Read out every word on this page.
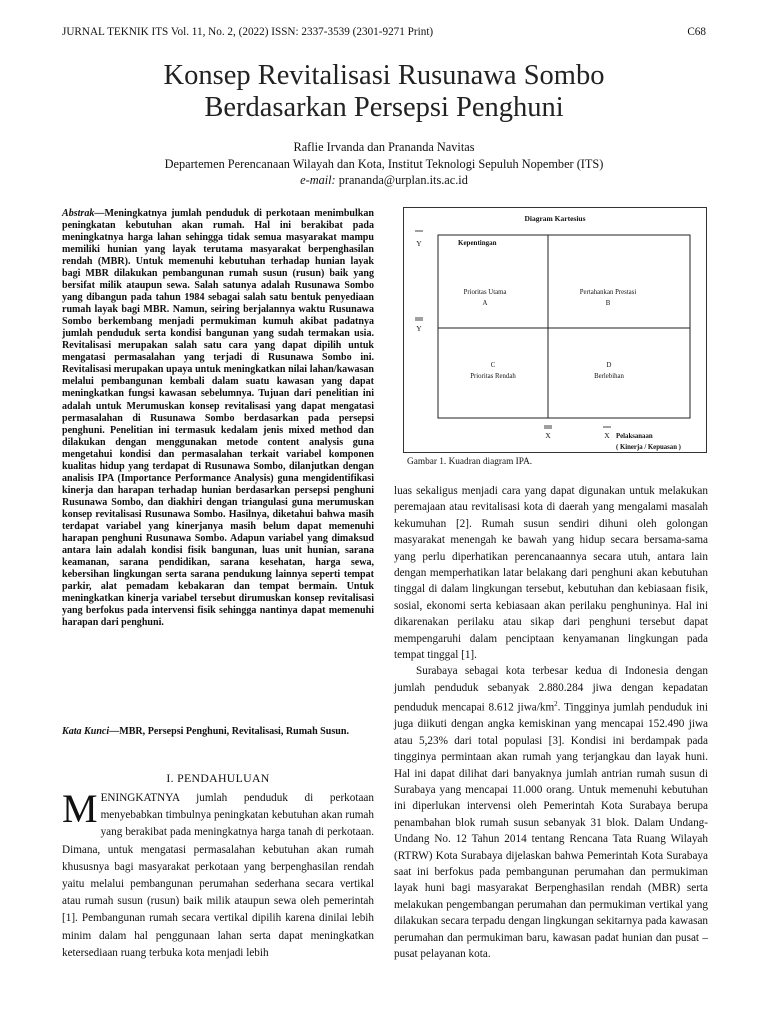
JURNAL TEKNIK ITS Vol. 11, No. 2, (2022) ISSN: 2337-3539 (2301-9271 Print)	C68
Konsep Revitalisasi Rusunawa Sombo
Berdasarkan Persepsi Penghuni
Raflie Irvanda dan Prananda Navitas
Departemen Perencanaan Wilayah dan Kota, Institut Teknologi Sepuluh Nopember (ITS)
e-mail: prananda@urplan.its.ac.id
Abstrak—Meningkatnya jumlah penduduk di perkotaan menimbulkan peningkatan kebutuhan akan rumah. Hal ini berakibat pada meningkatnya harga lahan sehingga tidak semua masyarakat mampu memiliki hunian yang layak terutama masyarakat berpenghasilan rendah (MBR). Untuk memenuhi kebutuhan terhadap hunian layak bagi MBR dilakukan pembangunan rumah susun (rusun) baik yang bersifat milik ataupun sewa. Salah satunya adalah Rusunawa Sombo yang dibangun pada tahun 1984 sebagai salah satu bentuk penyediaan rumah layak bagi MBR. Namun, seiring berjalannya waktu Rusunawa Sombo berkembang menjadi permukiman kumuh akibat padatnya jumlah penduduk serta kondisi bangunan yang sudah termakan usia. Revitalisasi merupakan salah satu cara yang dapat dipilih untuk mengatasi permasalahan yang terjadi di Rusunawa Sombo ini. Revitalisasi merupakan upaya untuk meningkatkan nilai lahan/kawasan melalui pembangunan kembali dalam suatu kawasan yang dapat meningkatkan fungsi kawasan sebelumnya. Tujuan dari penelitian ini adalah untuk Merumuskan konsep revitalisasi yang dapat mengatasi permasalahan di Rusunawa Sombo berdasarkan pada persepsi penghuni. Penelitian ini termasuk kedalam jenis mixed method dan dilakukan dengan menggunakan metode content analysis guna mengetahui kondisi dan permasalahan terkait variabel komponen kualitas hidup yang terdapat di Rusunawa Sombo, dilanjutkan dengan analisis IPA (Importance Performance Analysis) guna mengidentifikasi kinerja dan harapan terhadap hunian berdasarkan persepsi penghuni Rusunawa Sombo, dan diakhiri dengan triangulasi guna merumuskan konsep revitalisasi Rusunawa Sombo. Hasilnya, diketahui bahwa masih terdapat variabel yang kinerjanya masih belum dapat memenuhi harapan penghuni Rusunawa Sombo. Adapun variabel yang dimaksud antara lain adalah kondisi fisik bangunan, luas unit hunian, sarana keamanan, sarana pendidikan, sarana kesehatan, harga sewa, kebersihan lingkungan serta sarana pendukung lainnya seperti tempat parkir, alat pemadam kebakaran dan tempat bermain. Untuk meningkatkan kinerja variabel tersebut dirumuskan konsep revitalisasi yang berfokus pada intervensi fisik sehingga nantinya dapat memenuhi harapan dari penghuni.
Kata Kunci—MBR, Persepsi Penghuni, Revitalisasi, Rumah Susun.
I. PENDAHULUAN
MENINGKATNYA jumlah penduduk di perkotaan menyebabkan timbulnya peningkatan kebutuhan akan rumah yang berakibat pada meningkatnya harga tanah di perkotaan. Dimana, untuk mengatasi permasalahan kebutuhan akan rumah khususnya bagi masyarakat perkotaan yang berpenghasilan rendah yaitu melalui pembangunan perumahan sederhana secara vertikal atau rumah susun (rusun) baik milik ataupun sewa oleh pemerintah [1]. Pembangunan rumah secara vertikal dipilih karena dinilai lebih minim dalam hal penggunaan lahan serta dapat meningkatkan ketersediaan ruang terbuka kota menjadi lebih
Diagram Kartesius
Y	Kepentingan
Y
Prioritas Utama
A
Pertahankan Prestasi
B
C
Prioritas Rendah
D
Berlebihan
X	X Pelaksanaan
( Kinerja / Kepuasan )
Gambar 1. Kuadran diagram IPA.

luas sekaligus menjadi cara yang dapat digunakan untuk melakukan peremajaan atau revitalisasi kota di daerah yang mengalami masalah kekumuhan [2]. Rumah susun sendiri dihuni oleh golongan masyarakat menengah ke bawah yang hidup secara bersama-sama yang perlu diperhatikan perencanaannya secara utuh, antara lain dengan memperhatikan latar belakang dari penghuni akan kebutuhan tinggal di dalam lingkungan tersebut, kebutuhan dan kebiasaan fisik, sosial, ekonomi serta kebiasaan akan perilaku penghuninya. Hal ini dikarenakan perilaku atau sikap dari penghuni tersebut dapat mempengaruhi dalam penciptaan kenyamanan lingkungan pada tempat tinggal [1].

Surabaya sebagai kota terbesar kedua di Indonesia dengan jumlah penduduk sebanyak 2.880.284 jiwa dengan kepadatan penduduk mencapai 8.612 jiwa/$km^2$. Tingginya jumlah penduduk ini juga diikuti dengan angka kemiskinan yang mencapai 152.490 jiwa atau 5,23% dari total populasi [3]. Kondisi ini berdampak pada tingginya permintaan akan rumah yang terjangkau dan layak huni. Hal ini dapat dilihat dari banyaknya jumlah antrian rumah susun di Surabaya yang mencapai 11.000 orang. Untuk memenuhi kebutuhan ini diperlukan intervensi oleh Pemerintah Kota Surabaya berupa penambahan blok rumah susun sebanyak 31 blok. Dalam Undang-Undang No. 12 Tahun 2014 tentang Rencana Tata Ruang Wilayah (RTRW) Kota Surabaya dijelaskan bahwa Pemerintah Kota Surabaya saat ini berfokus pada pembangunan perumahan dan permukiman layak huni bagi masyarakat Berpenghasilan rendah (MBR) serta melakukan pengembangan perumahan dan permukiman vertikal yang dilakukan secara terpadu dengan lingkungan sekitarnya pada kawasan perumahan dan permukiman baru, kawasan padat hunian dan pusat – pusat pelayanan kota.
